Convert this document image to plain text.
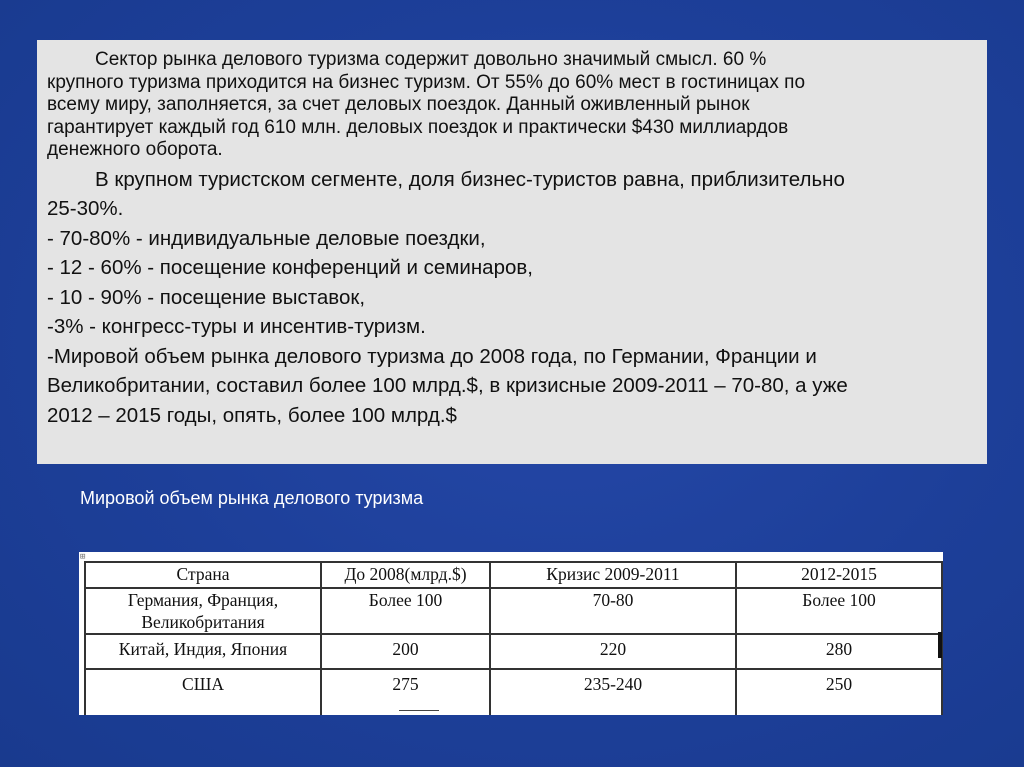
Сектор рынка делового туризма содержит довольно значимый смысл. 60 %

крупного туризма приходится на бизнес туризм. От 55% до 60% мест в гостиницах по
всему миру, заполняется, за счет деловых поездок. Данный оживленный рынок
гарантирует каждый год 610 млн. деловых поездок и практически $430 миллиардов
денежного оборота.

В крупном туристском сегменте, доля бизнес-туристов равна, приблизительно

25-30%.
- 70-80% - индивидуальные деловые поездки,
- 12 - 60% - посещение конференций и семинаров,
- 10 - 90% - посещение выставок,
-3% - конгресс-туры и инсентив-туризм.
-Мировой объем рынка делового туризма до 2008 года, по Германии, Франции и
Великобритании, составил более 100 млрд.$, в кризисные 2009-2011 – 70-80, а уже
2012 – 2015 годы, опять, более 100 млрд.$

Мировой объем рынка делового туризма

⊞
Страна	До 2008(млрд.$)	Кризис 2009-2011	2012-2015
Германия, Франция, Великобритания	Более 100	70-80	Более 100
Китай, Индия, Япония	200	220	280
США	275	235-240	250
